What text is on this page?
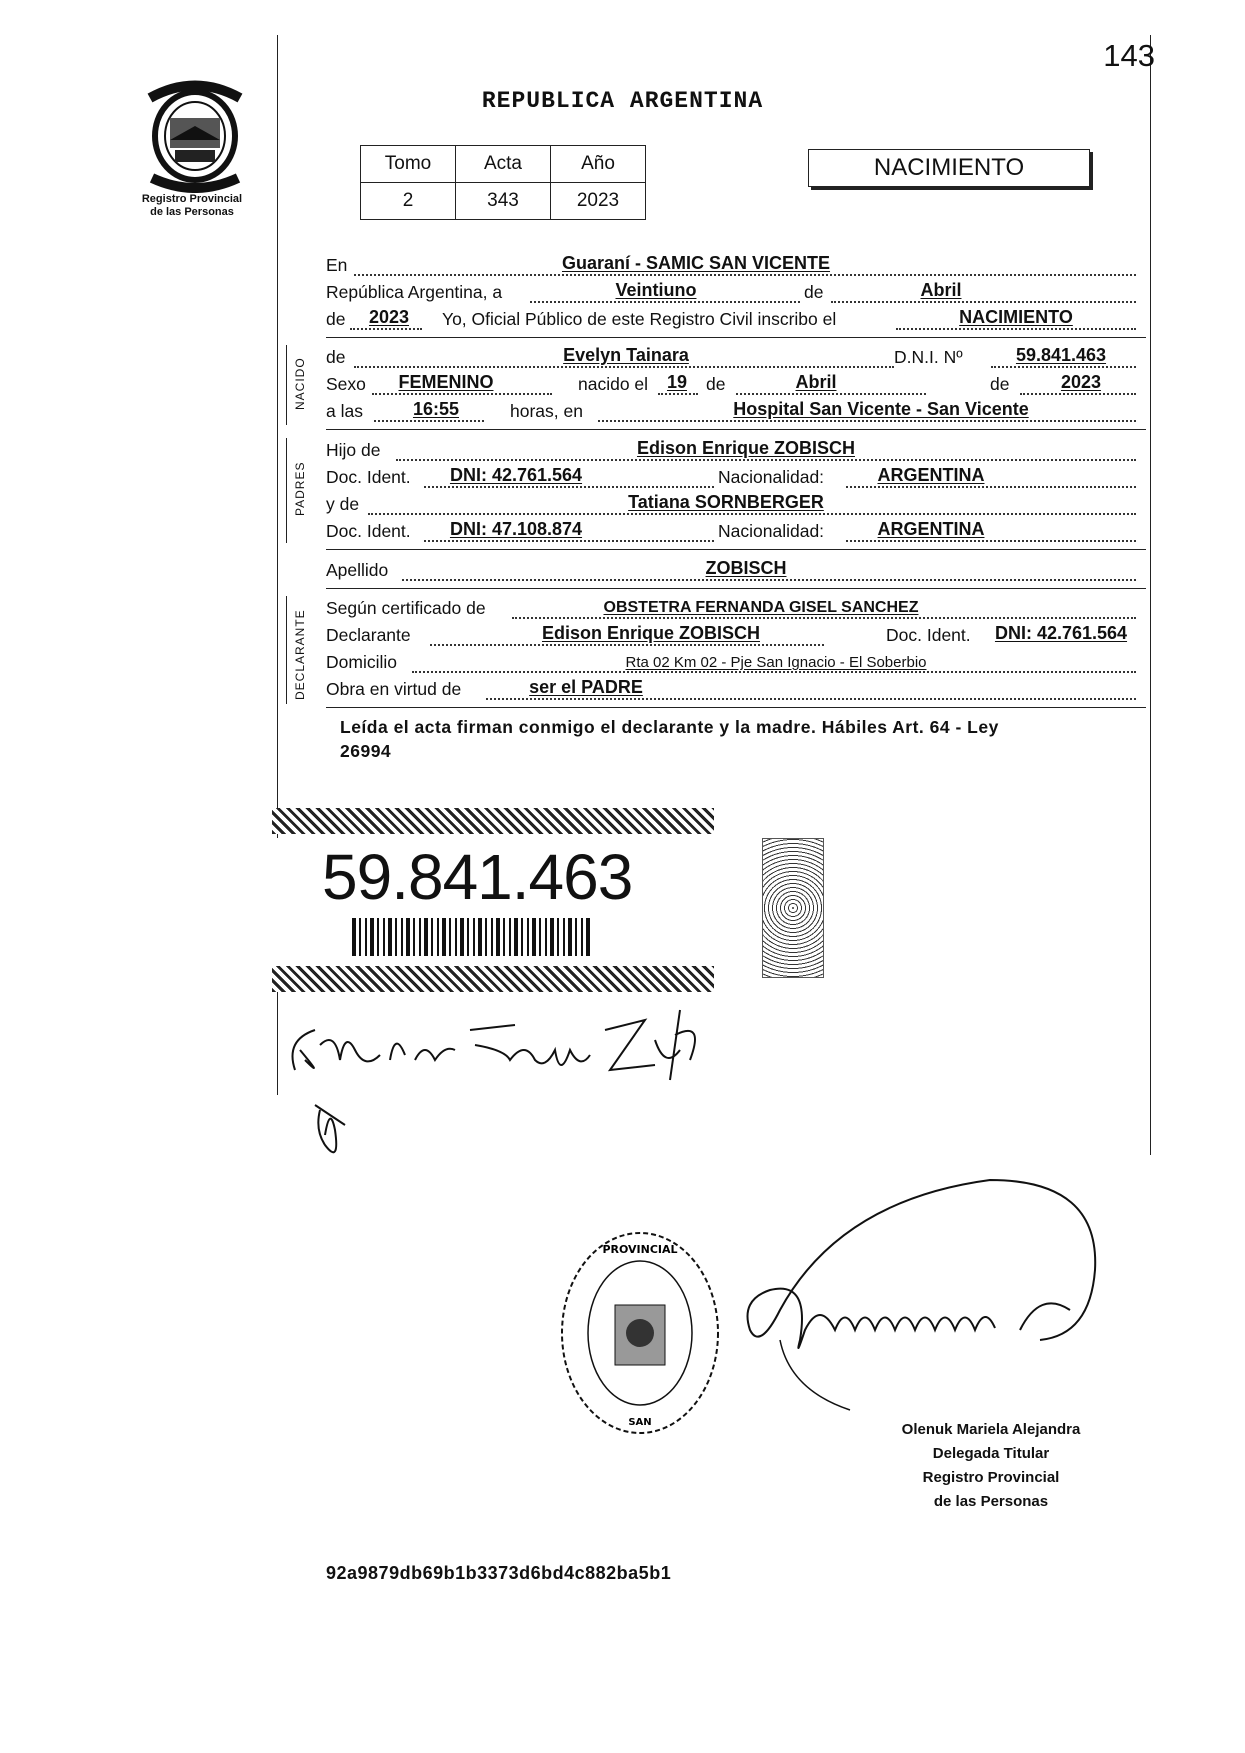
143
Registro Provincial
de las Personas
REPUBLICA ARGENTINA
Tomo	Acta	Año
2	343	2023
NACIMIENTO
En	Guaraní - SAMIC SAN VICENTE
República Argentina, a	Veintiuno	de	Abril
de	2023	Yo, Oficial Público de este Registro Civil inscribo el	NACIMIENTO
NACIDO
de	Evelyn Tainara	D.N.I. Nº	59.841.463
Sexo	FEMENINO	nacido el 19 de	Abril	de	2023
a las	16:55	horas, en	Hospital San Vicente - San Vicente
PADRES
Hijo de	Edison Enrique ZOBISCH
Doc. Ident.	DNI: 42.761.564	Nacionalidad:	ARGENTINA
y de	Tatiana SORNBERGER
Doc. Ident.	DNI: 47.108.874	Nacionalidad:	ARGENTINA
Apellido	ZOBISCH
DECLARANTE
Según certificado de	OBSTETRA FERNANDA GISEL SANCHEZ
Declarante	Edison Enrique ZOBISCH	Doc. Ident.	DNI: 42.761.564
Domicilio	Rta 02 Km 02 - Pje San Ignacio - El Soberbio
Obra en virtud de	ser el PADRE
Leída el acta firman conmigo el declarante y la madre. Hábiles Art. 64 - Ley
26994
59.841.463
PROVINCIAL
SAN	Olenuk Mariela Alejandra
Delegada Titular
Registro Provincial
de las Personas
92a9879db69b1b3373d6bd4c882ba5b1
